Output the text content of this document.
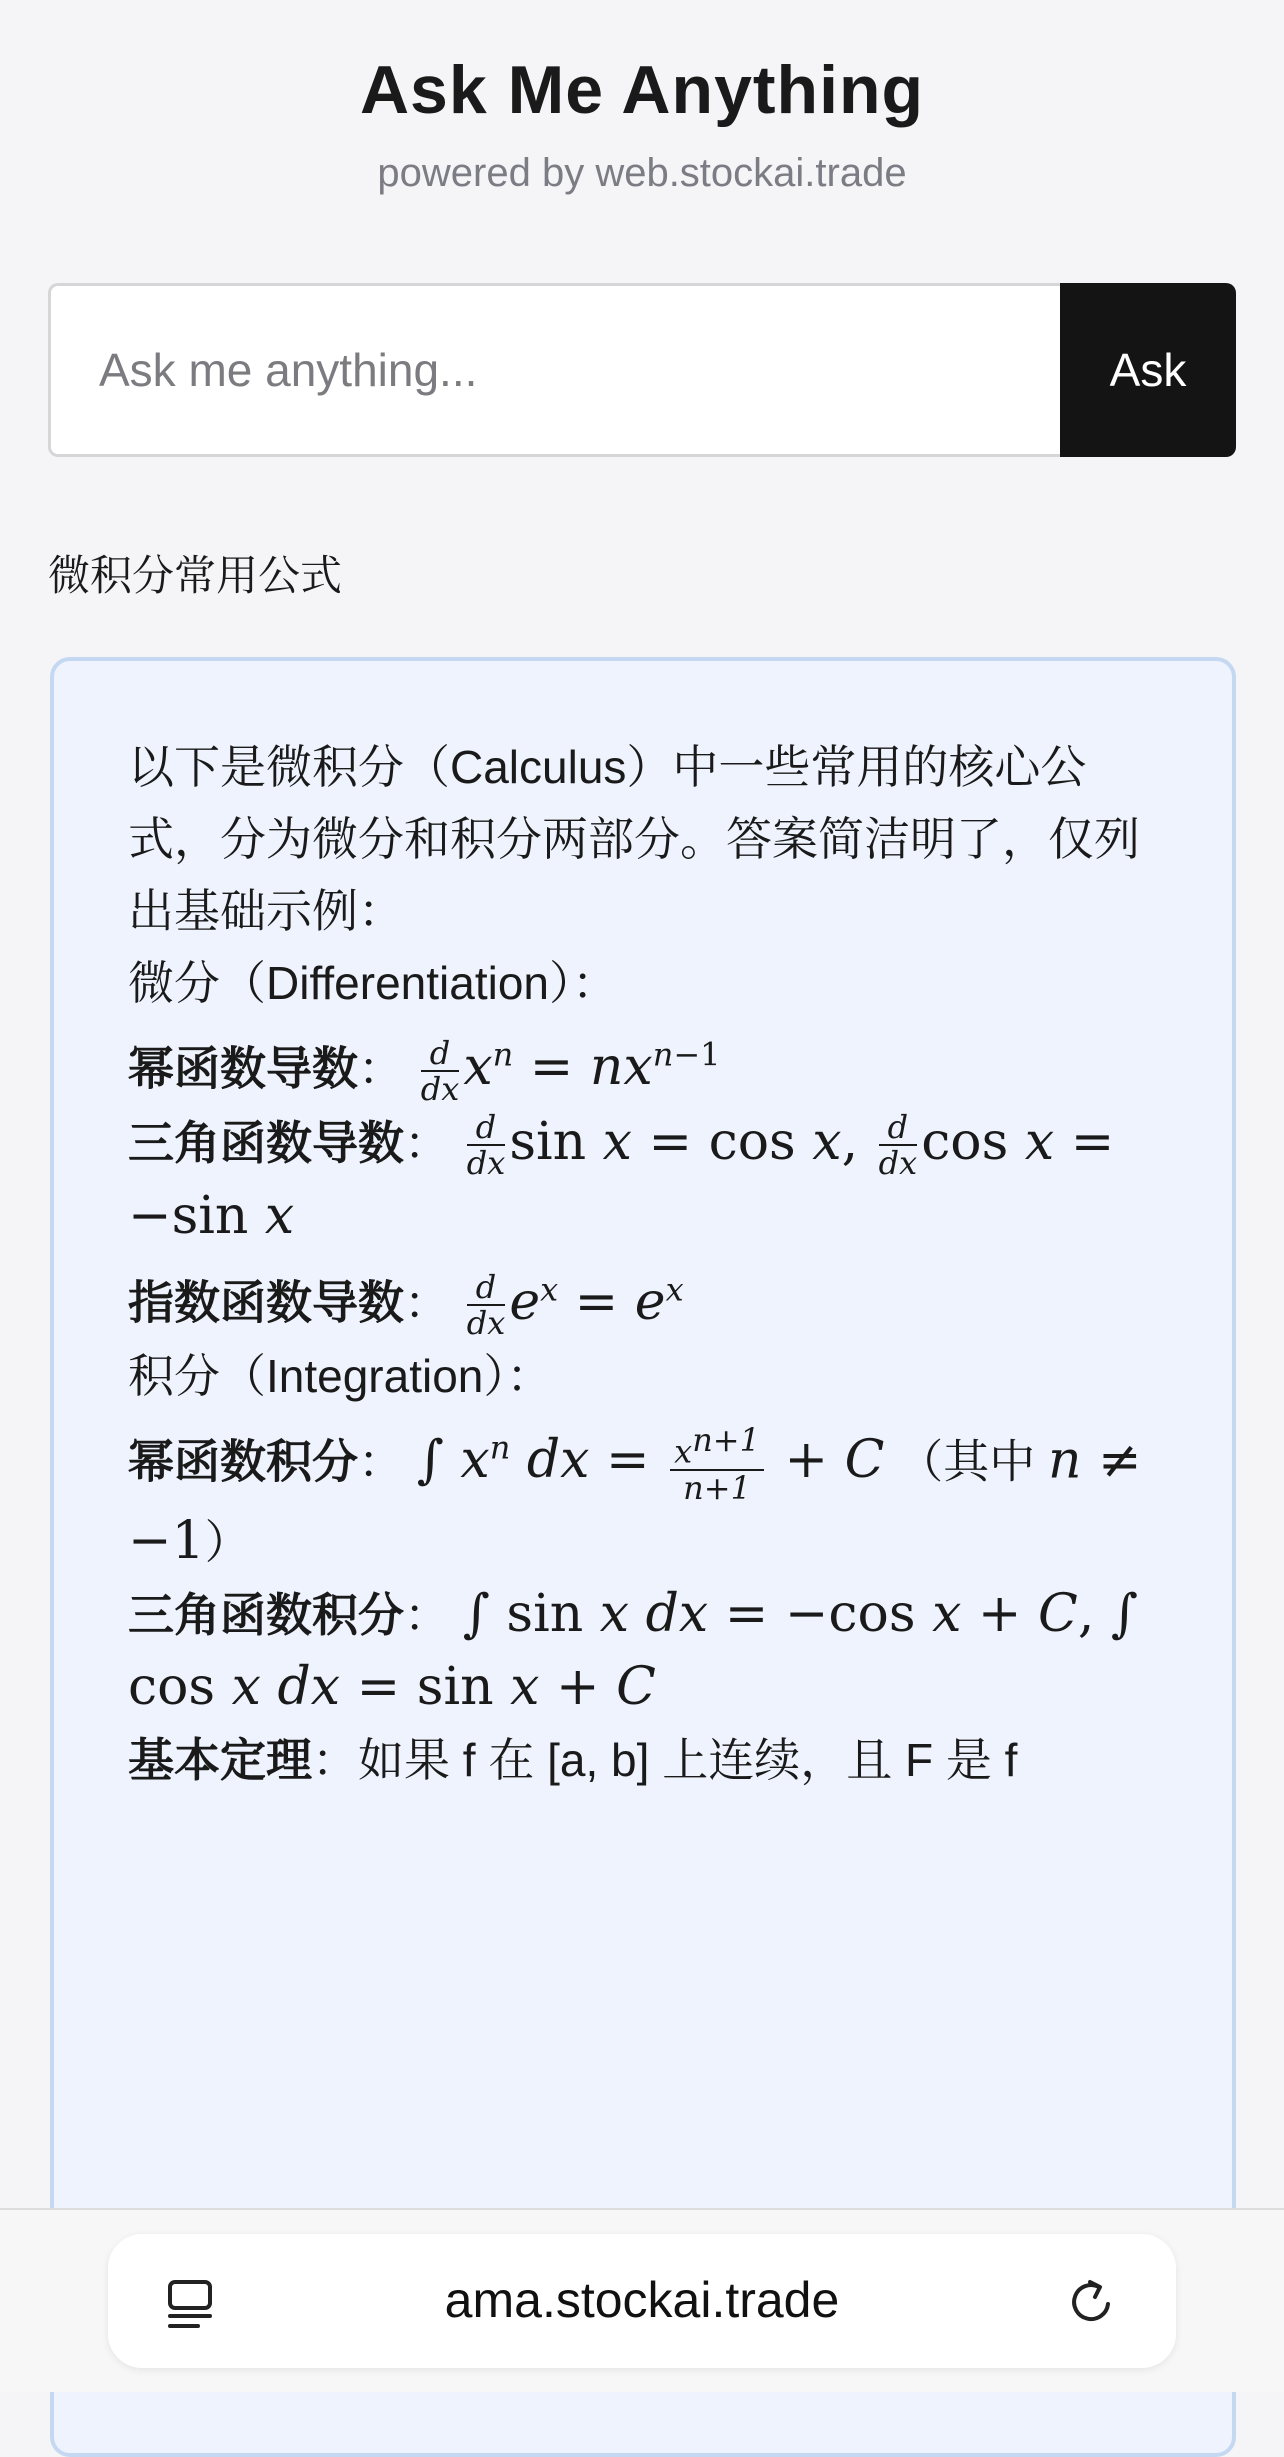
Ask Me Anything
powered by web.stockai.trade
Ask me anything...
Ask
微积分常用公式

以下是微积分（Calculus）中一些常用的核心公式，分为微分和积分两部分。答案简洁明了，仅列出基础示例：

微分（Differentiation）：

幂函数导数： $\frac{d}{dx} x^n = nx^{n-1}$

三角函数导数： $\frac{d}{dx}$ sin x = cos x, $\frac{d}{dx}$ cos x = −sin x

指数函数导数： $\frac{d}{dx} e^x = e^x$

积分（Integration）：

幂函数积分： ∫ $x^n$ dx = $\frac{x^{n+1}}{n+1} + C$ （其中 n ≠ −1）

三角函数积分： ∫ sin x dx = −cos x + C, ∫ cos x dx = sin x + C

基本定理：如果 f 在 [a, b] 上连续，且 F 是 f

ama.stockai.trade
